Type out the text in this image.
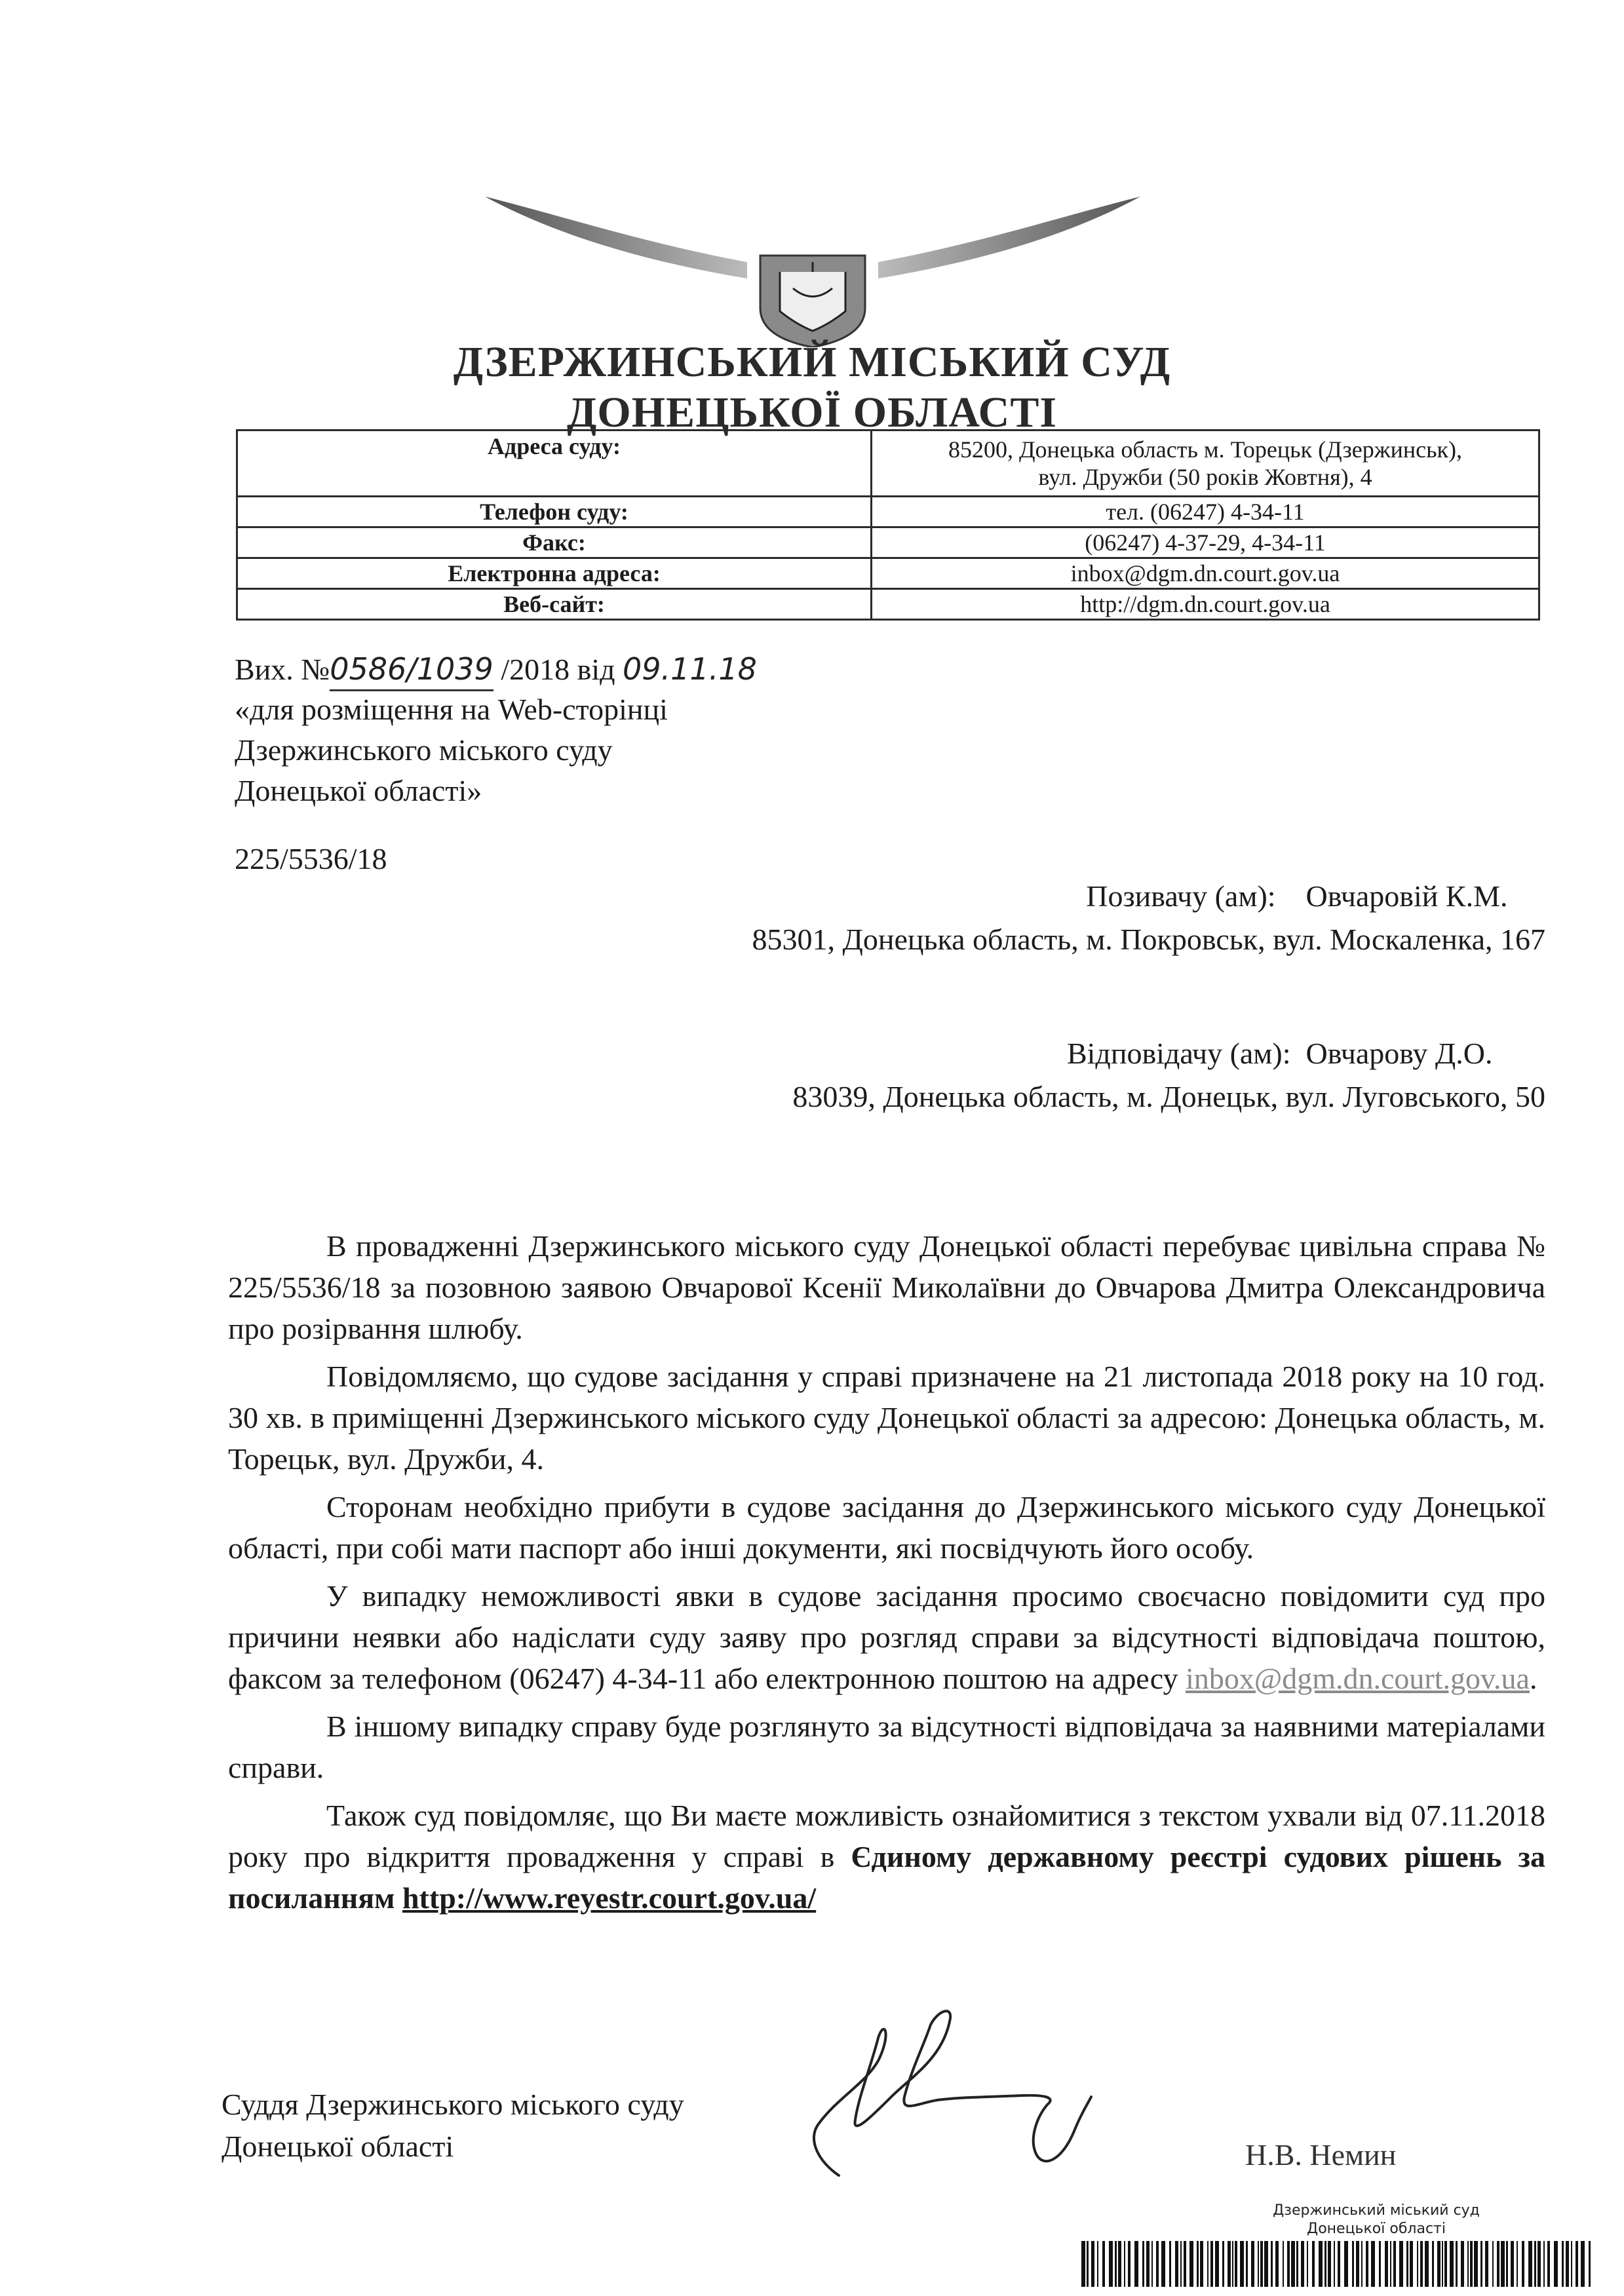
ДЗЕРЖИНСЬКИЙ МІСЬКИЙ СУД
ДОНЕЦЬКОЇ ОБЛАСТІ
Адреса суду:	85200, Донецька область м. Торецьк (Дзержинськ),
вул. Дружби (50 років Жовтня), 4

Телефон суду:	тел. (06247) 4-34-11
Факс:	(06247) 4-37-29, 4-34-11
Електронна адреса:	inbox@dgm.dn.court.gov.ua
Веб-сайт:	http://dgm.dn.court.gov.ua
Вих. №0586/1039 /2018 від 09.11.18
«для розміщення на Web-сторінці
Дзержинського міського суду
Донецької області»
225/5536/18
Позивачу (ам): Овчаровій К.М.
85301, Донецька область, м. Покровськ, вул. Москаленка, 167
Відповідачу (ам): Овчарову Д.О.
83039, Донецька область, м. Донецьк, вул. Луговського, 50

В провадженні Дзержинського міського суду Донецької області перебуває цивільна справа № 225/5536/18 за позовною заявою Овчарової Ксенії Миколаївни до Овчарова Дмитра Олександровича про розірвання шлюбу.

Повідомляємо, що судове засідання у справі призначене на 21 листопада 2018 року на 10 год. 30 хв. в приміщенні Дзержинського міського суду Донецької області за адресою: Донецька область, м. Торецьк, вул. Дружби, 4.

Сторонам необхідно прибути в судове засідання до Дзержинського міського суду Донецької області, при собі мати паспорт або інші документи, які посвідчують його особу.

У випадку неможливості явки в судове засідання просимо своєчасно повідомити суд про причини неявки або надіслати суду заяву про розгляд справи за відсутності відповідача поштою, факсом за телефоном (06247) 4-34-11 або електронною поштою на адресу inbox@dgm.dn.court.gov.ua.

В іншому випадку справу буде розглянуто за відсутності відповідача за наявними матеріалами справи.

Також суд повідомляє, що Ви маєте можливість ознайомитися з текстом ухвали від 07.11.2018 року про відкриття провадження у справі в Єдиному державному реєстрі судових рішень за посиланням http://www.reyestr.court.gov.ua/

Суддя Дзержинського міського суду
Донецької області	Н.В. Немин
Дзержинський міський суд
Донецької області
